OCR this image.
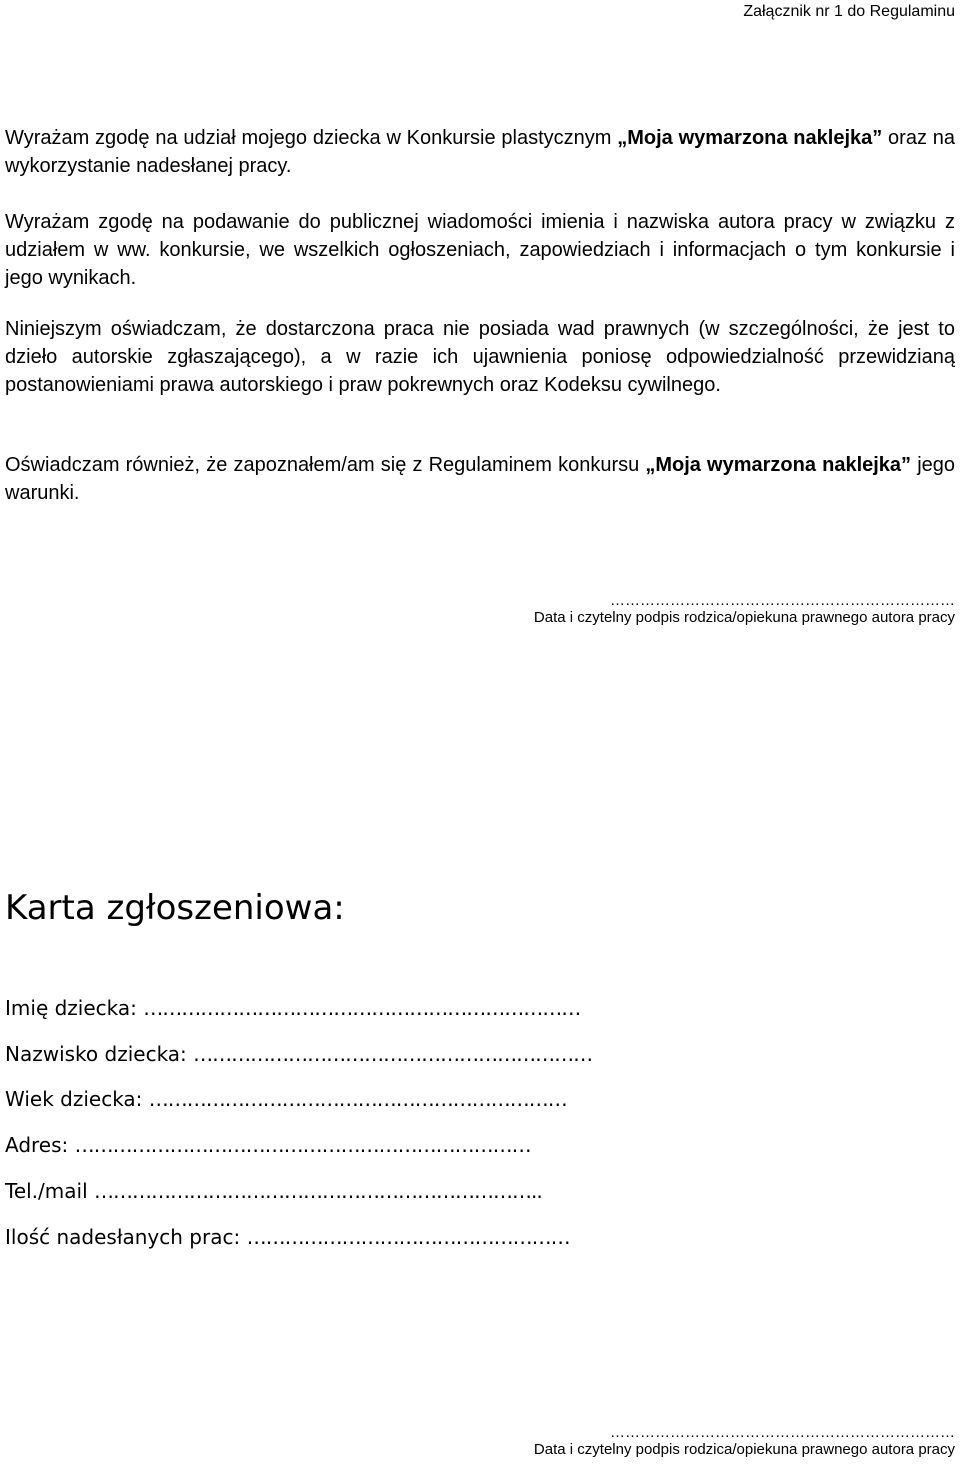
Załącznik nr 1 do Regulaminu

Wyrażam zgodę na udział mojego dziecka w Konkursie plastycznym „Moja wymarzona naklejka” oraz na wykorzystanie nadesłanej pracy.

Wyrażam zgodę na podawanie do publicznej wiadomości imienia i nazwiska autora pracy w związku z udziałem w ww. konkursie, we wszelkich ogłoszeniach, zapowiedziach i informacjach o tym konkursie i jego wynikach.

Niniejszym oświadczam, że dostarczona praca nie posiada wad prawnych (w szczególności, że jest to dzieło autorskie zgłaszającego), a w razie ich ujawnienia poniosę odpowiedzialność przewidzianą postanowieniami prawa autorskiego i praw pokrewnych oraz Kodeksu cywilnego.

Oświadczam również, że zapoznałem/am się z Regulaminem konkursu „Moja wymarzona naklejka” jego warunki.

……………………………………………………………
Data i czytelny podpis rodzica/opiekuna prawnego autora pracy
Karta zgłoszeniowa:
Imię dziecka: ……………………………………………………………
Nazwisko dziecka: ………………………………………………………
Wiek dziecka: …………………………………………………………
Adres: ………………………………………………………………
Tel./mail ……………………………………………………………..
Ilość nadesłanych prac: ……………………………………………
……………………………………………………………
Data i czytelny podpis rodzica/opiekuna prawnego autora pracy
